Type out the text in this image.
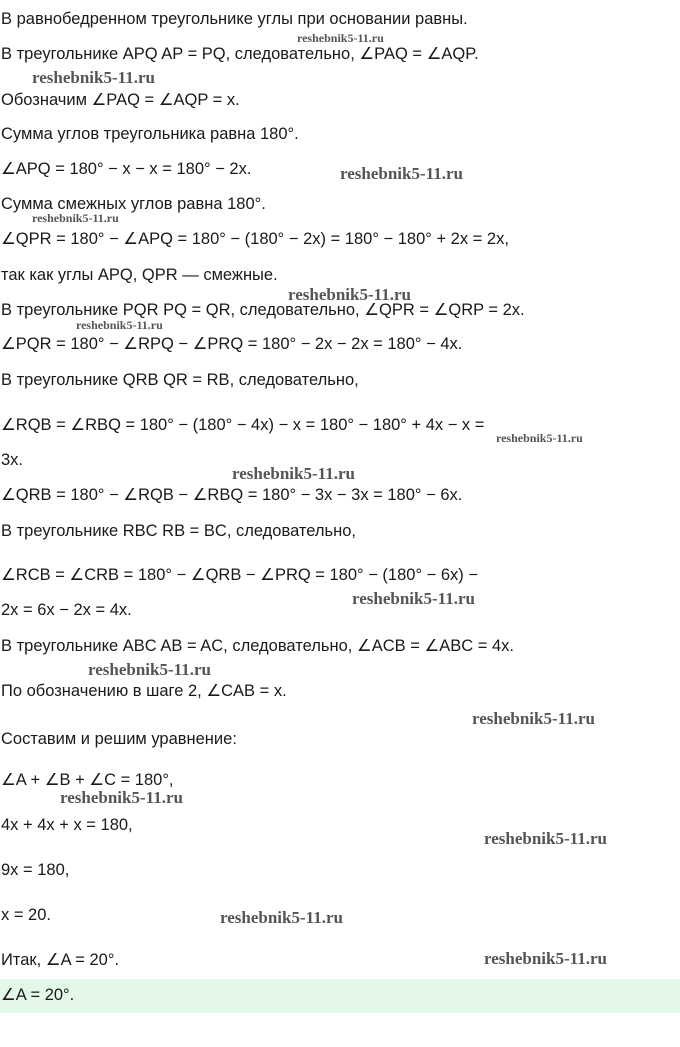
В равнобедренном треугольнике углы при основании равны.
В треугольнике APQ AP = PQ, следовательно, ∠PAQ = ∠AQP.
Обозначим ∠PAQ = ∠AQP = x.
Сумма углов треугольника равна 180°.
∠APQ = 180° − x − x = 180° − 2x.
Сумма смежных углов равна 180°.
∠QPR = 180° − ∠APQ = 180° − (180° − 2x) = 180° − 180° + 2x = 2x,
так как углы APQ, QPR — смежные.
В треугольнике PQR PQ = QR, следовательно, ∠QPR = ∠QRP = 2x.
∠PQR = 180° − ∠RPQ − ∠PRQ = 180° − 2x − 2x = 180° − 4x.
В треугольнике QRB QR = RB, следовательно,
∠RQB = ∠RBQ = 180° − (180° − 4x) − x = 180° − 180° + 4x − x =
3x.
∠QRB = 180° − ∠RQB − ∠RBQ = 180° − 3x − 3x = 180° − 6x.
В треугольнике RBC RB = BC, следовательно,
∠RCB = ∠CRB = 180° − ∠QRB − ∠PRQ = 180° − (180° − 6x) −
2x = 6x − 2x = 4x.
В треугольнике ABC AB = AC, следовательно, ∠ACB = ∠ABC = 4x.
По обозначению в шаге 2, ∠CAB = x.
Составим и решим уравнение:
∠A + ∠B + ∠C = 180°,
4x + 4x + x = 180,
9x = 180,
x = 20.
Итак, ∠A = 20°.
∠A = 20°.
reshebnik5-11.ru
reshebnik5-11.ru
reshebnik5-11.ru
reshebnik5-11.ru
reshebnik5-11.ru
reshebnik5-11.ru
reshebnik5-11.ru
reshebnik5-11.ru
reshebnik5-11.ru
reshebnik5-11.ru
reshebnik5-11.ru
reshebnik5-11.ru
reshebnik5-11.ru
reshebnik5-11.ru
reshebnik5-11.ru
